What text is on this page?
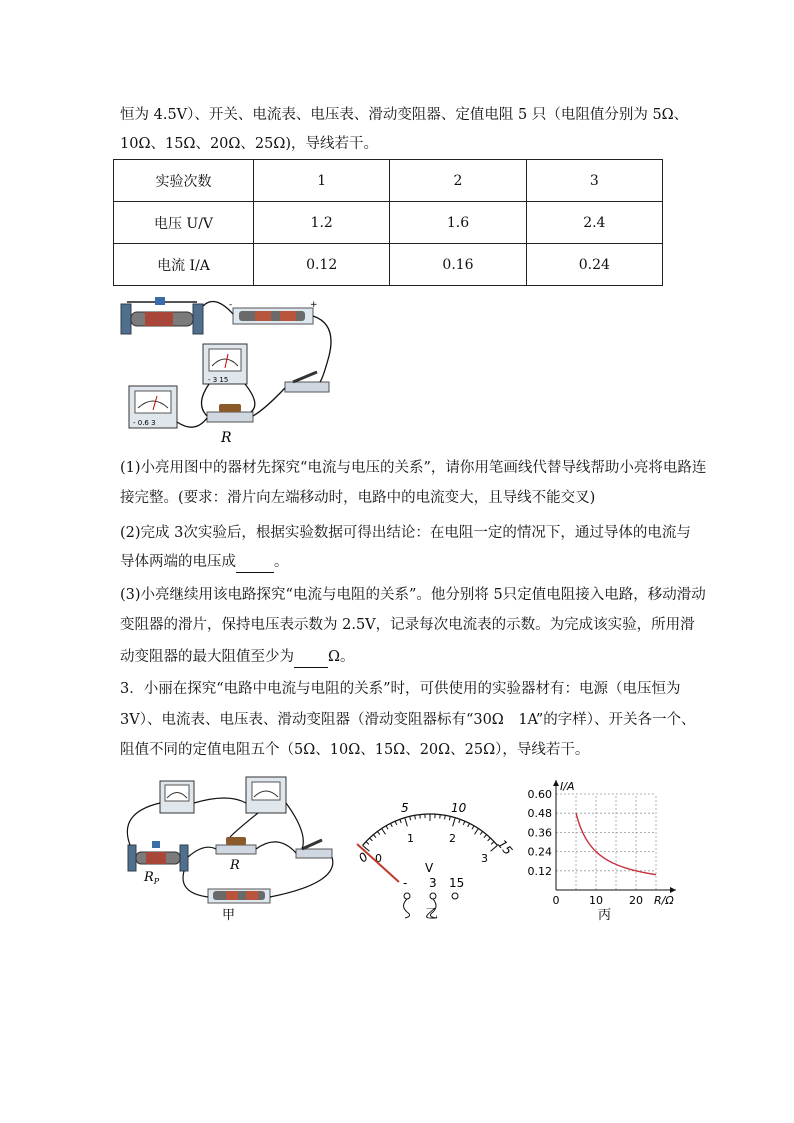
恒为 4.5V）、开关、电流表、电压表、滑动变阻器、定值电阻 5 只（电阻值分别为 5Ω、
10Ω、15Ω、20Ω、25Ω)，导线若干。
实验次数	1	2	3
电压 U/V	1.2	1.6	2.4
电流 I/A	0.12	0.16	0.24
+
-
- 3 15
- 0.6 3
R
(1)小亮用图中的器材先探究“电流与电压的关系”，请你用笔画线代替导线帮助小亮将电路连
接完整。(要求：滑片向左端移动时，电路中的电流变大，且导线不能交叉)
(2)完成 3次实验后，根据实验数据可得出结论：在电阻一定的情况下，通过导体的电流与
导体两端的电压成	。
(3)小亮继续用该电路探究“电流与电阻的关系”。他分别将 5只定值电阻接入电路，移动滑动
变阻器的滑片，保持电压表示数为 2.5V，记录每次电流表的示数。为完成该实验，所用滑
动变阻器的最大阻值至少为 Ω。
3．小丽在探究“电路中电流与电阻的关系”时，可供使用的实验器材有：电源（电压恒为
3V）、电流表、电压表、滑动变阻器（滑动变阻器标有“30Ω　1A”的字样）、开关各一个、
阻值不同的定值电阻五个（5Ω、10Ω、15Ω、20Ω、25Ω），导线若干。
$R_P$
R
甲
0
5	10
15
0
1	2
3
V
- 3 15
乙
0.12
0.24
0.36
0.48
0.60
0	10 20
I/A
R/Ω
丙
